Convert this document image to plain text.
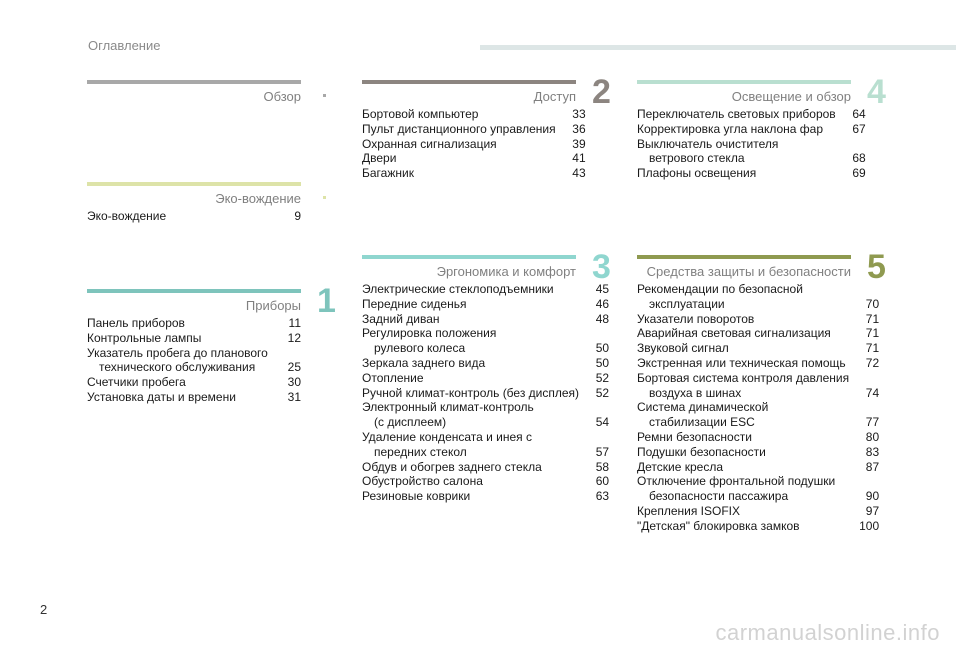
Оглавление
Обзор
Эко-вождение
Эко-вождение	9
Приборы 1
Панель приборов	11
Контрольные лампы	12
Указатель пробега до планового
технического обслуживания	25
Счетчики пробега	30
Установка даты и времени	31
Доступ 2
Бортовой компьютер	33
Пульт дистанционного управления	36
Охранная сигнализация	39
Двери	41
Багажник	43
Эргономика и комфорт 3
Электрические стеклоподъемники	45
Передние сиденья	46
Задний диван	48
Регулировка положения
рулевого колеса	50
Зеркала заднего вида	50
Отопление	52
Ручной климат-контроль (без дисплея)	52
Электронный климат-контроль
(с дисплеем)	54
Удаление конденсата и инея с
передних стекол	57
Обдув и обогрев заднего стекла	58
Обустройство салона	60
Резиновые коврики	63
Освещение и обзор 4
Переключатель световых приборов	64
Корректировка угла наклона фар	67
Выключатель очистителя
ветрового стекла	68
Плафоны освещения	69
Средства защиты и безопасности 5
Рекомендации по безопасной
эксплуатации	70
Указатели поворотов	71
Аварийная световая сигнализация	71
Звуковой сигнал	71
Экстренная или техническая помощь	72
Бортовая система контроля давления
воздуха в шинах	74
Система динамической
стабилизации ESC	77
Ремни безопасности	80
Подушки безопасности	83
Детские кресла	87
Отключение фронтальной подушки
безопасности пассажира	90
Крепления ISOFIX	97
"Детская" блокировка замков	100
2
carmanualsonline.info
